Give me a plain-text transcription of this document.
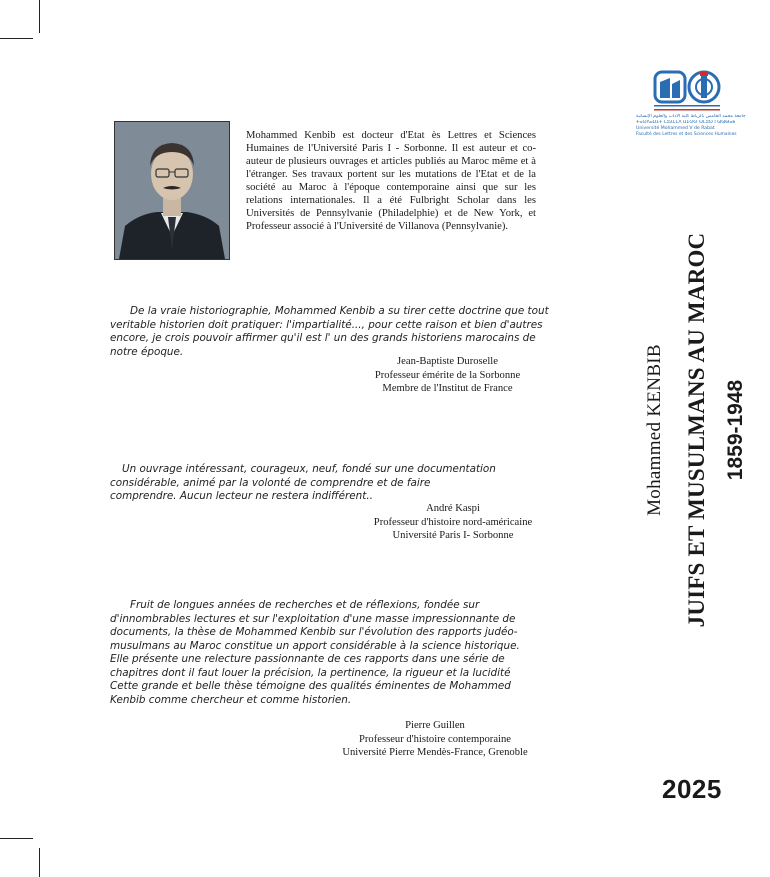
Mohammed Kenbib est docteur d'Etat ès Lettres et Sciences Humaines de l'Université Paris I - Sorbonne. Il est auteur et co-auteur de plusieurs ouvrages et articles publiés au Maroc même et à l'étranger. Ses travaux portent sur les mutations de l'Etat et de la société au Maroc à l'époque contemporaine ainsi que sur les relations internationales. Il a été Fulbright Scholar dans les Universités de Pennsylvanie (Philadelphie) et de New York, et Professeur associé à l'Université de Villanova (Pennsylvanie).

De la vraie historiographie, Mohammed Kenbib a su tirer cette doctrine que tout veritable historien doit pratiquer: l'impartialité..., pour cette raison et bien d'autres encore, je crois pouvoir affirmer qu'il est l' un des grands historiens marocains de notre époque.

Jean-Baptiste Duroselle
Professeur émérite de la Sorbonne
Membre de l'Institut de France

Un ouvrage intéressant, courageux, neuf, fondé sur une documentation considérable, animé par la volonté de comprendre et de faire comprendre. Aucun lecteur ne restera indifférent..

André Kaspi
Professeur d'histoire nord-américaine
Université Paris I- Sorbonne

Fruit de longues années de recherches et de réflexions, fondée sur d'innombrables lectures et sur l'exploitation d'une masse impressionnante de documents, la thèse de Mohammed Kenbib sur l'évolution des rapports judéo-musulmans au Maroc constitue un apport considérable à la science historique. Elle présente une relecture passionnante de ces rapports dans une série de chapitres dont il faut louer la précision, la pertinence, la rigueur et la lucidité Cette grande et belle thèse témoigne des qualités éminentes de Mohammed Kenbib comme chercheur et comme historien.

Pierre Guillen
Professeur d'histoire contemporaine
Université Pierre Mendès-France, Grenoble
جامعة محمد الخامس بالرباط كلية الآداب والعلوم الإنسانية
ⵜⴰⵙⴷⴰⵡⵉⵜ ⵎⵓⵃⵎⵎⴷ ⵡⵉⵙⵙ ⵙⵎⵓⵙ ⵏ ⵕⵕⴱⴰⵟ
Université Mohammed V de Rabat
Faculté des Lettres et des Sciences Humaines
Mohammed KENBIB JUIFS ET MUSULMANS AU MAROC 1859-1948

2025
